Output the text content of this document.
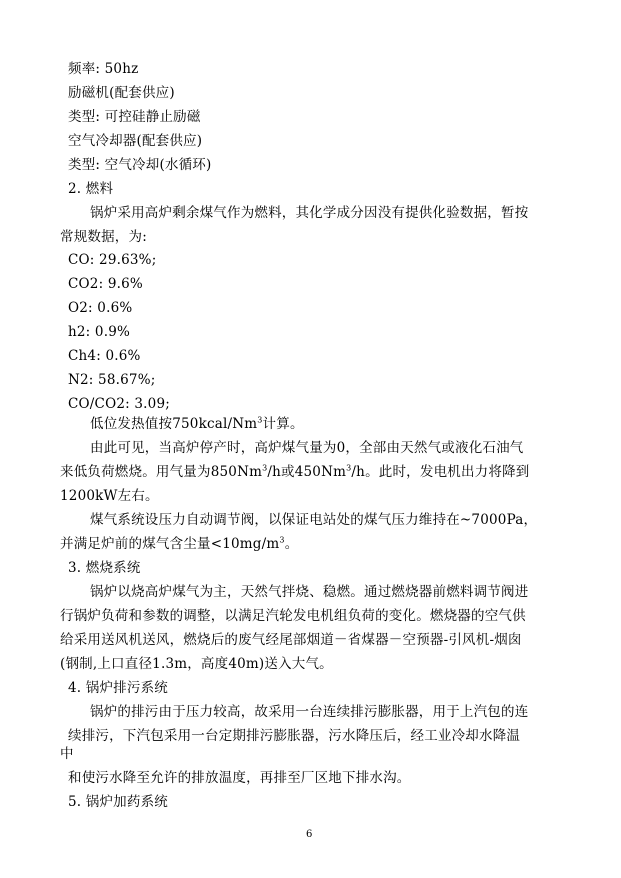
频率: 50hz
励磁机(配套供应)
类型: 可控硅静止励磁
空气冷却器(配套供应)
类型: 空气冷却(水循环)
2. 燃料
锅炉采用高炉剩余煤气作为燃料，其化学成分因没有提供化验数据，暂按
常规数据，为:
CO: 29.63%;
CO2: 9.6%
O2: 0.6%
h2: 0.9%
Ch4: 0.6%
N2: 58.67%;
CO/CO2: 3.09;
低位发热值按750kcal/Nm$^3$计算。
由此可见，当高炉停产时，高炉煤气量为0，全部由天然气或液化石油气
来低负荷燃烧。用气量为850Nm$^3$/h或450Nm$^3$/h。此时，发电机出力将降到
1200kW左右。
煤气系统设压力自动调节阀，以保证电站处的煤气压力维持在~7000Pa，
并满足炉前的煤气含尘量$<10mg/m^3$。
3. 燃烧系统
锅炉以烧高炉煤气为主，天然气拌烧、稳燃。通过燃烧器前燃料调节阀进
行锅炉负荷和参数的调整，以满足汽轮发电机组负荷的变化。燃烧器的空气供
给采用送风机送风，燃烧后的废气经尾部烟道－省煤器－空预器-引风机-烟囱
(钢制,上口直径1.3m，高度40m)送入大气。
4. 锅炉排污系统
锅炉的排污由于压力较高，故采用一台连续排污膨胀器，用于上汽包的连
续排污，下汽包采用一台定期排污膨胀器，污水降压后，经工业冷却水降温
中
和使污水降至允许的排放温度，再排至厂区地下排水沟。
5. 锅炉加药系统
6
